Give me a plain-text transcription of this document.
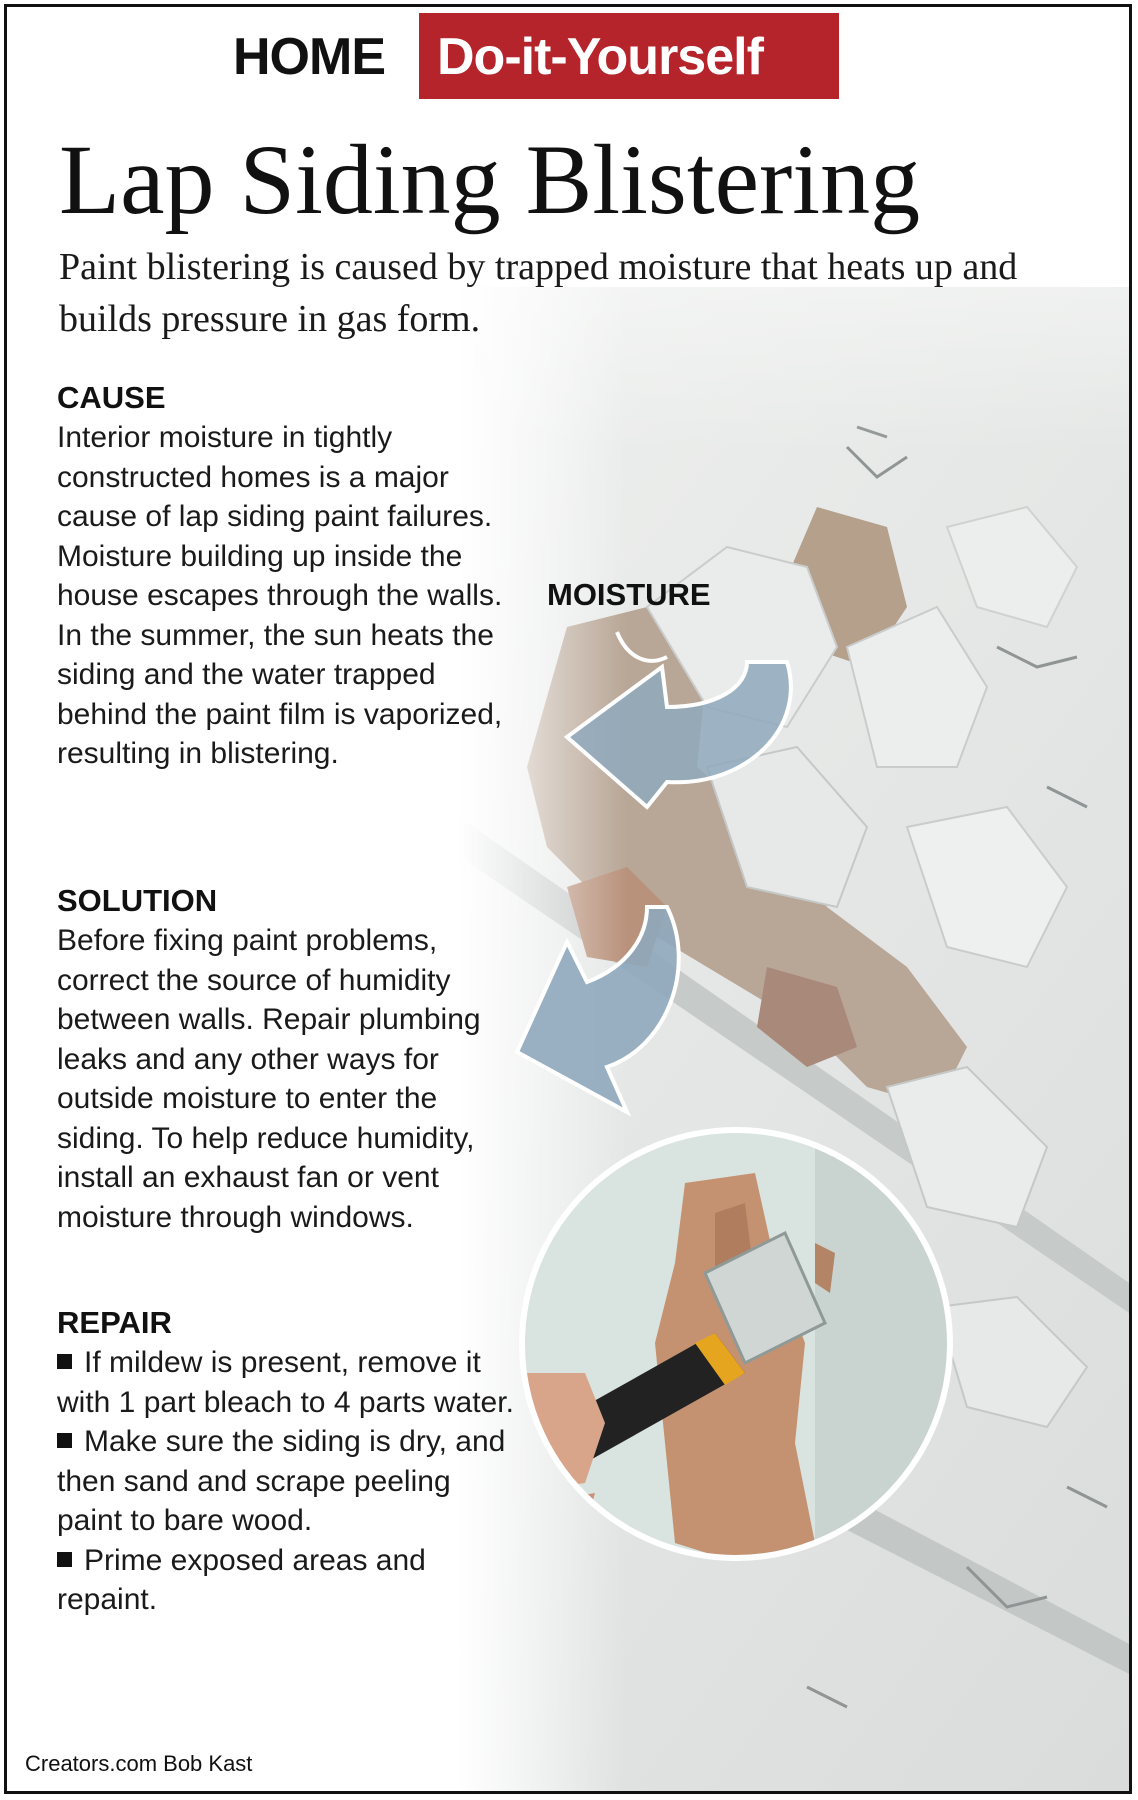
HOME	Do-it-Yourself
Lap Siding Blistering
Paint blistering is caused by trapped moisture that heats up and builds pressure in gas form.
MOISTURE
CAUSE

Interior moisture in tightly constructed homes is a major cause of lap siding paint failures. Moisture building up inside the house escapes through the walls. In the summer, the sun heats the siding and the water trapped behind the paint film is vaporized, resulting in blistering.

SOLUTION

Before fixing paint problems, correct the source of humidity between walls. Repair plumbing leaks and any other ways for outside moisture to enter the siding. To help reduce humidity, install an exhaust fan or vent moisture through windows.

REPAIR

If mildew is present, remove it with 1 part bleach to 4 parts water.

Make sure the siding is dry, and then sand and scrape peeling paint to bare wood.

Prime exposed areas and repaint.

Creators.com Bob Kast
